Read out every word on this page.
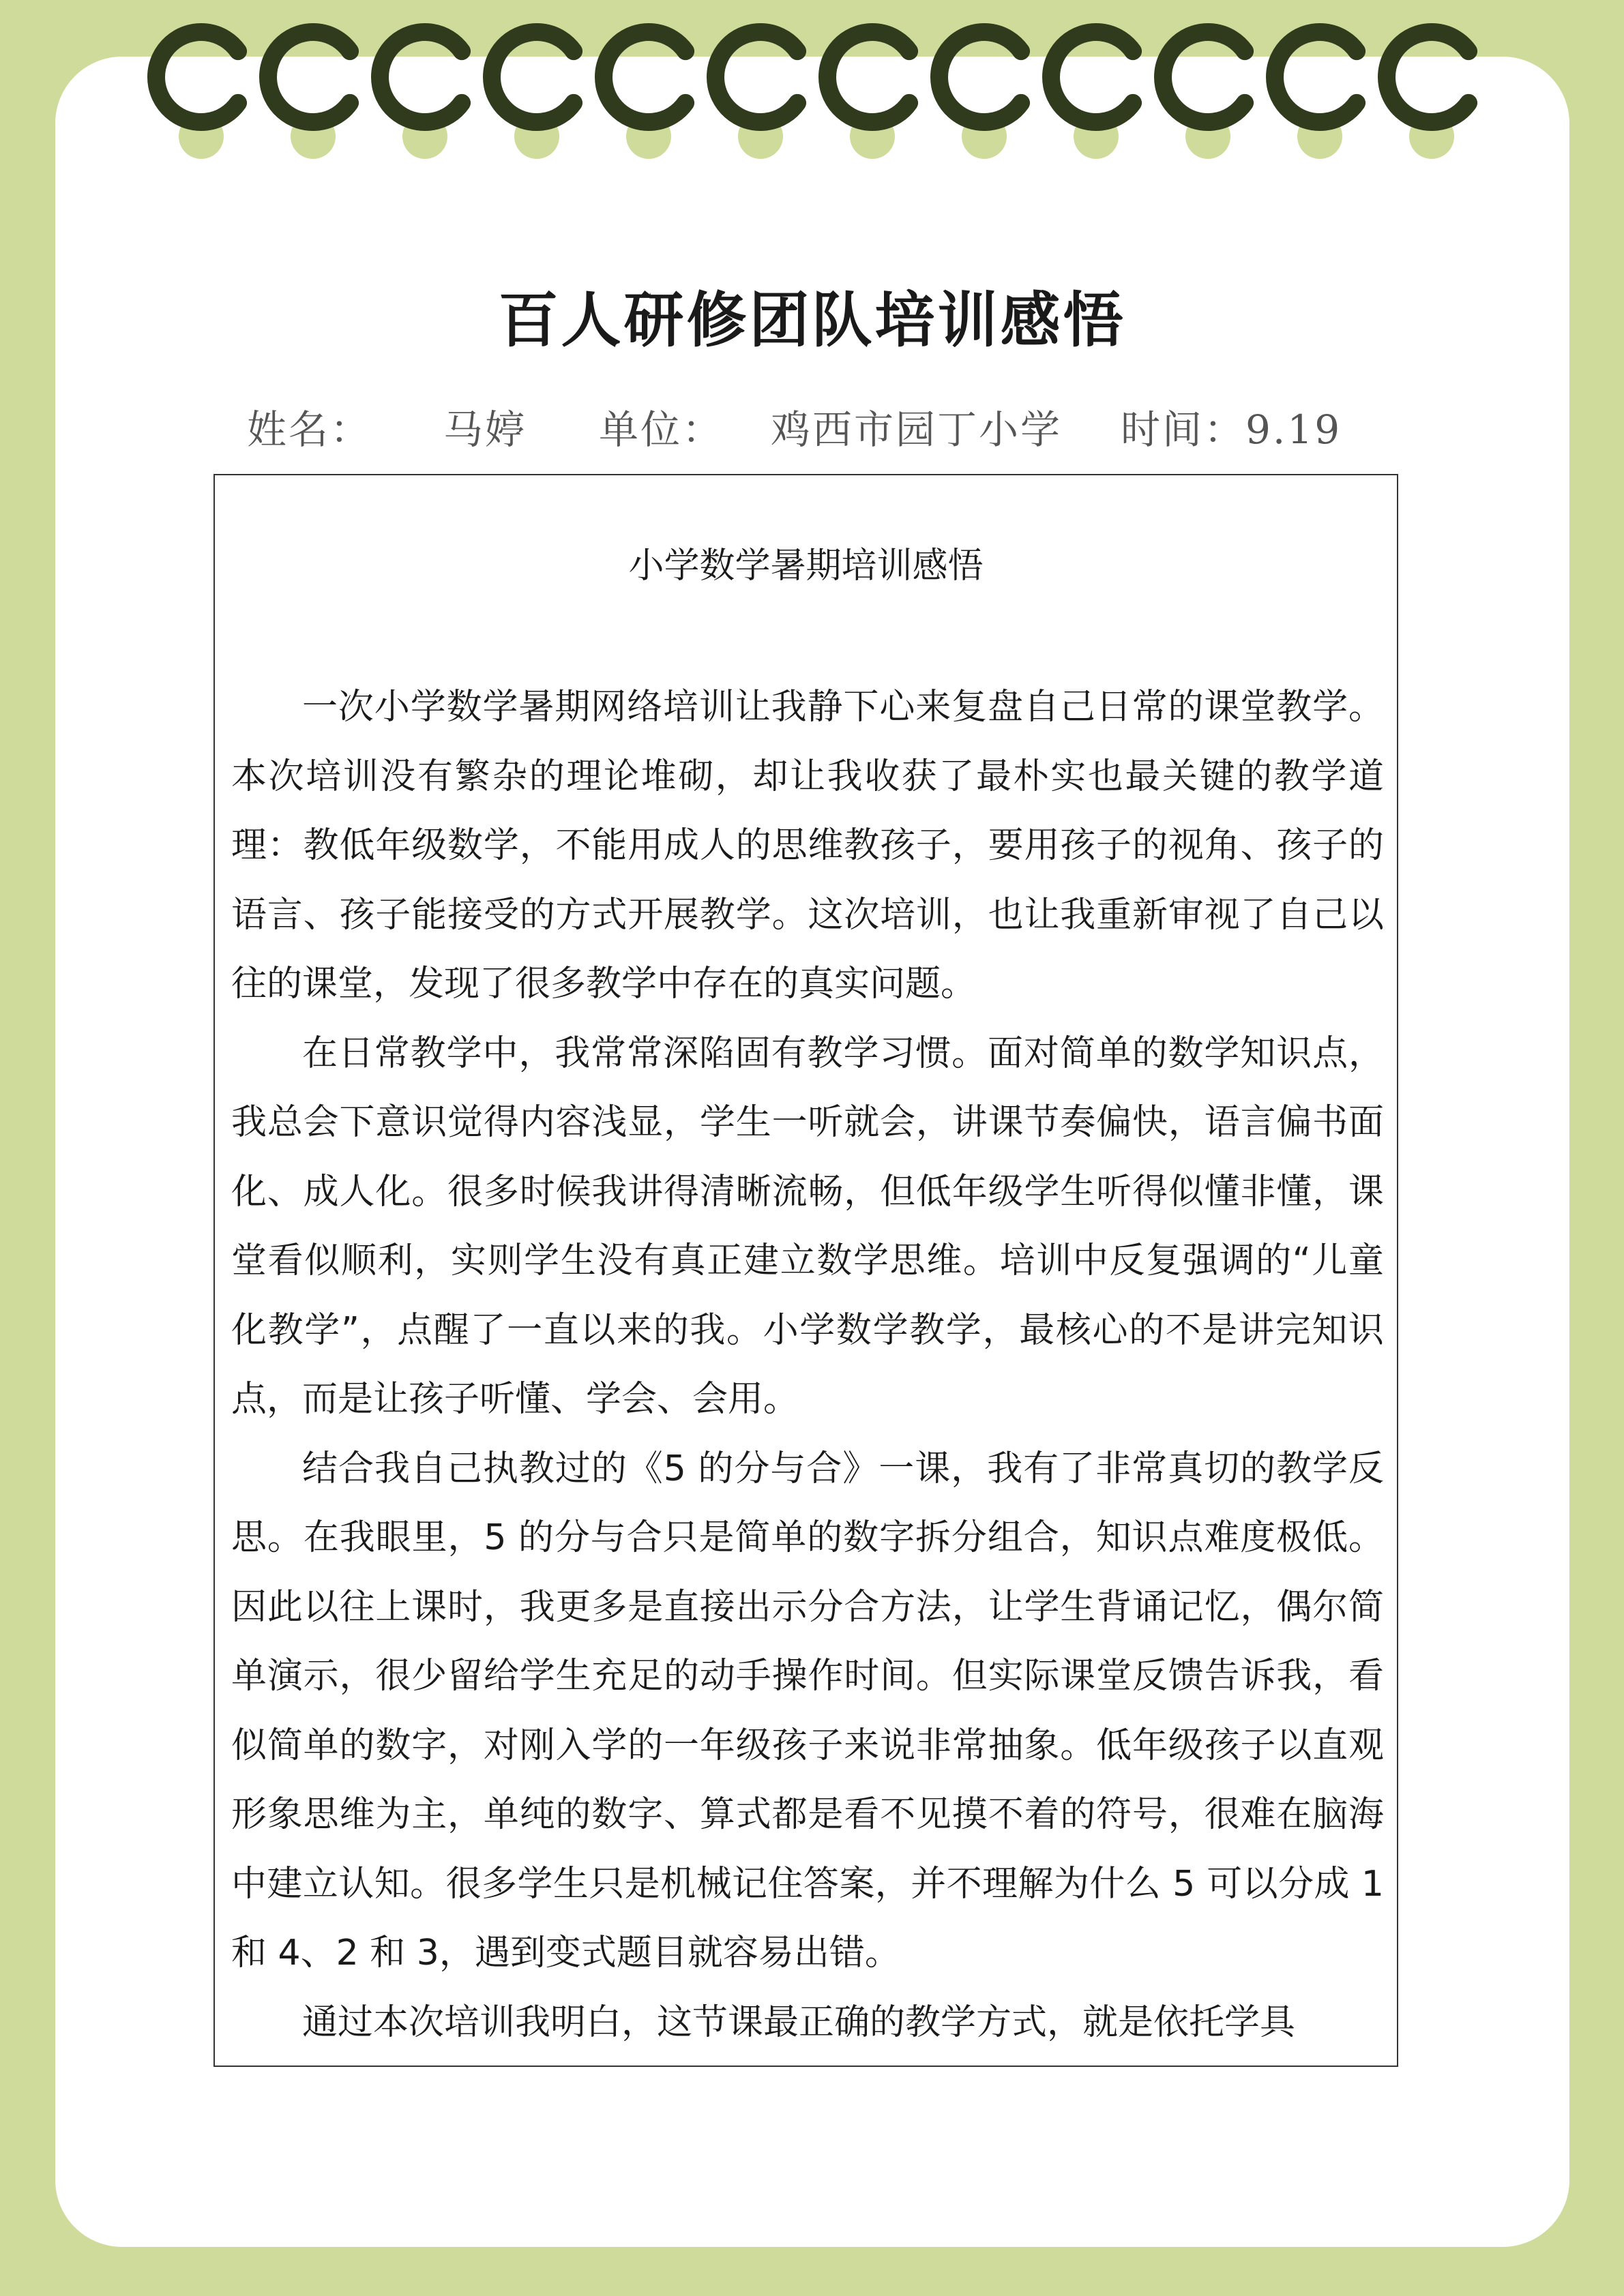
百人研修团队培训感悟
姓名： 马婷 单位： 鸡西市园丁小学 时间：9.19
小学数学暑期培训感悟

一次小学数学暑期网络培训让我静下心来复盘自己日常的课堂教学。本次培训没有繁杂的理论堆砌，却让我收获了最朴实也最关键的教学道理：教低年级数学，不能用成人的思维教孩子，要用孩子的视角、孩子的语言、孩子能接受的方式开展教学。这次培训，也让我重新审视了自己以往的课堂，发现了很多教学中存在的真实问题。

在日常教学中，我常常深陷固有教学习惯。面对简单的数学知识点，我总会下意识觉得内容浅显，学生一听就会，讲课节奏偏快，语言偏书面化、成人化。很多时候我讲得清晰流畅，但低年级学生听得似懂非懂，课堂看似顺利，实则学生没有真正建立数学思维。培训中反复强调的“儿童化教学”，点醒了一直以来的我。小学数学教学，最核心的不是讲完知识点，而是让孩子听懂、学会、会用。

结合我自己执教过的《5 的分与合》一课，我有了非常真切的教学反思。在我眼里，5 的分与合只是简单的数字拆分组合，知识点难度极低。因此以往上课时，我更多是直接出示分合方法，让学生背诵记忆，偶尔简单演示，很少留给学生充足的动手操作时间。但实际课堂反馈告诉我，看似简单的数字，对刚入学的一年级孩子来说非常抽象。低年级孩子以直观形象思维为主，单纯的数字、算式都是看不见摸不着的符号，很难在脑海中建立认知。很多学生只是机械记住答案，并不理解为什么 5 可以分成 1 和 4、2 和 3，遇到变式题目就容易出错。

通过本次培训我明白，这节课最正确的教学方式，就是依托学具
